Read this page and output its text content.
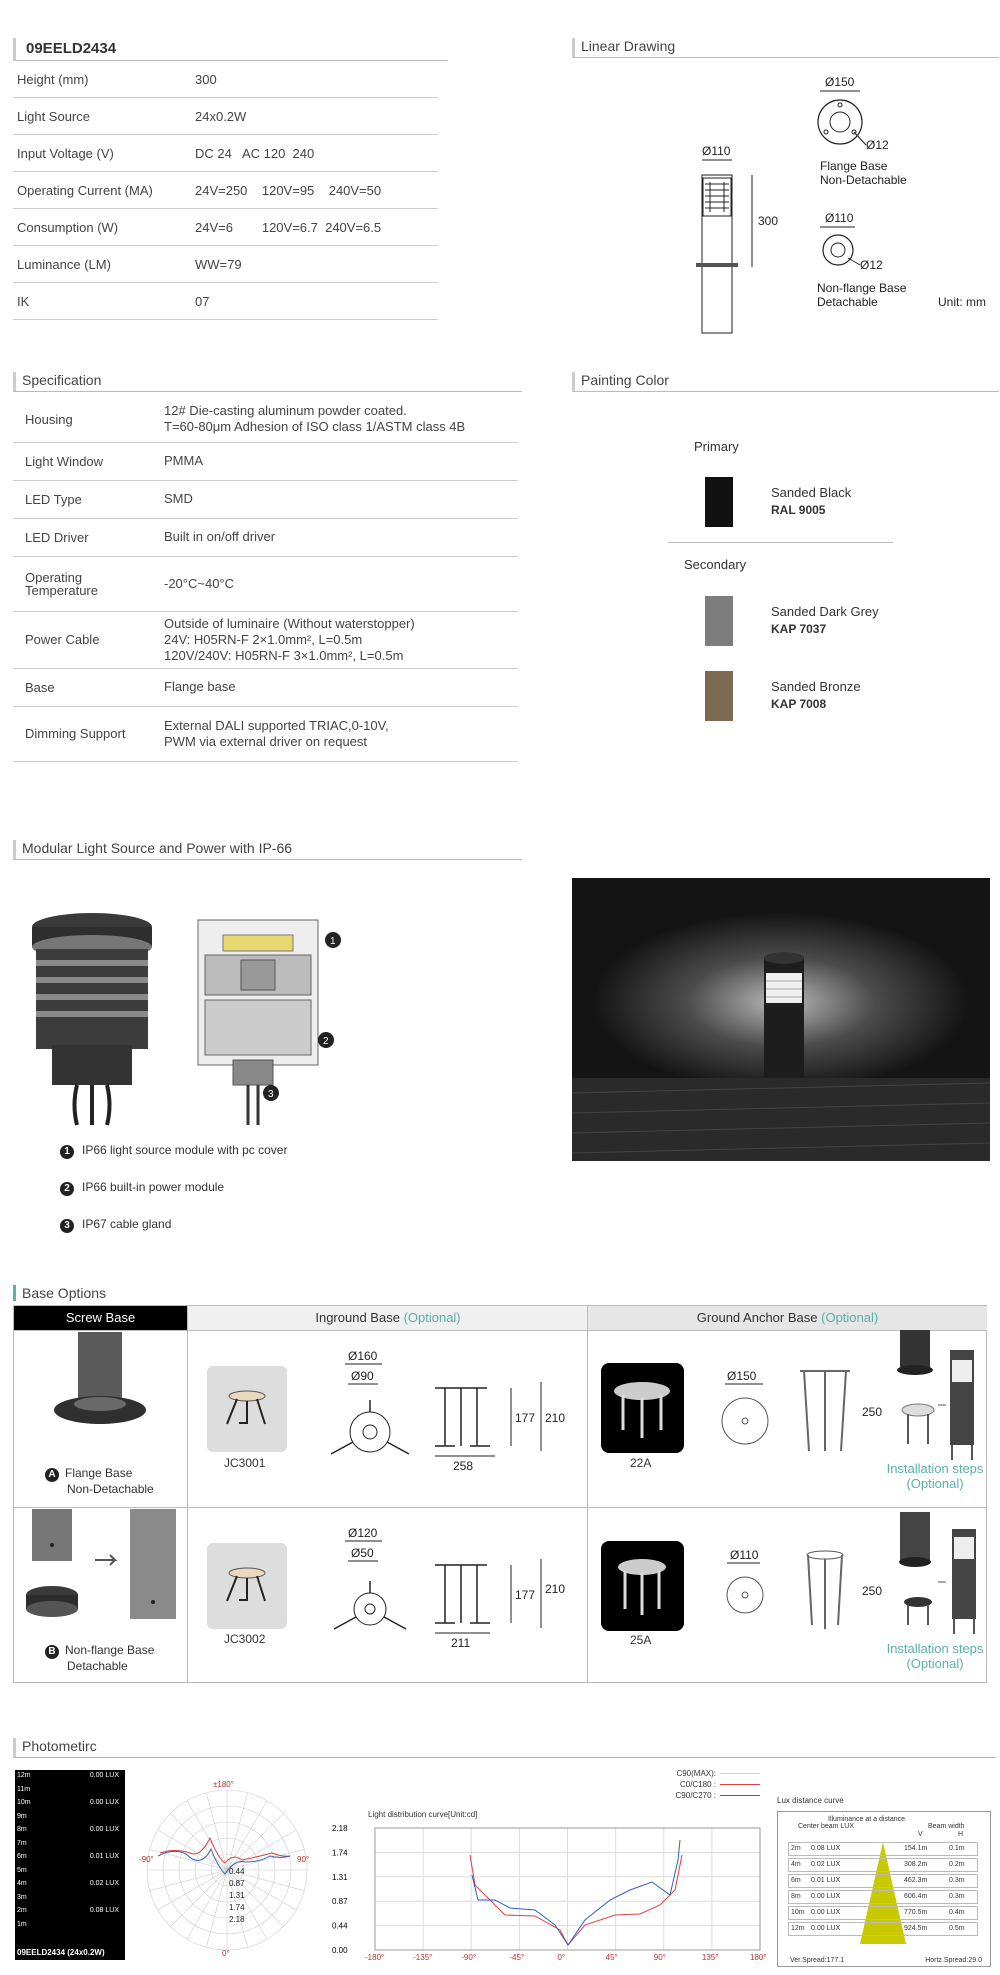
09EELD2434
Height (mm)	300
Light Source	24x0.2W
Input Voltage (V)	DC 24   AC 120  240
Operating Current (MA)	24V=250    120V=95    240V=50
Consumption (W)	24V=6        120V=6.7  240V=6.5
Luminance (LM)	WW=79
IK	07
Linear Drawing
Ø110
300
Ø150
Ø12
Flange Base
Non-Detachable
Ø110
Ø12
Non-flange Base
Detachable	Unit: mm
Specification
Housing	12# Die-casting aluminum powder coated.
T=60-80μm Adhesion of ISO class 1/ASTM class 4B

Light Window	PMMA

LED Type	SMD

LED Driver	Built in on/off driver

Operating
Temperature	-20°C~40°C

Power Cable	Outside of luminaire (Without waterstopper)
24V: H05RN-F 2×1.0mm², L=0.5m
120V/240V: H05RN-F 3×1.0mm², L=0.5m

Base	Flange base

Dimming Support	External DALI supported TRIAC,0-10V,
PWM via external driver on request
Painting Color
Primary
Sanded Black
RAL 9005
Secondary
Sanded Dark Grey
KAP 7037
Sanded Bronze
KAP 7008
Modular Light Source and Power with IP-66
1
2
3
1 IP66 light source module with pc cover
2 IP66 built-in power module
3 IP67 cable gland
Base Options
Screw Base	Inground Base (Optional)	Ground Anchor Base (Optional)
A Flange Base
Non-Detachable
JC3001
Ø160
Ø90
177 210
258	22A
Ø150
250
Installation steps
(Optional)
B Non-flange Base
Detachable
JC3002
Ø120
Ø50
177 210
211	25A
Ø110
250
Installation steps
(Optional)
Photometirc
12m	0.00 LUX
11m
10m	0.00 LUX
9m
8m	0.00 LUX
7m
6m	0.01 LUX
5m
4m	0.02 LUX
3m
2m	0.08 LUX
1m
09EELD2434 (24x0.2W)
±180°
-90°	90°
0°
0.44
0.87
1.31
1.74
2.18
C90(MAX):
C0/C180 :
C90/C270 :
Light distribution curve[Unit:cd]
2.18
1.74
1.31
0.87
0.44
0.00
-180°	-135°	-90°	-45°	0°	45°	90°	135°	180°
Lux distance curve
Illuminance at a distance
Center beam LUX	Beam width
V	H
2m 0.08 LUX	154.1m	0.1m
4m 0.02 LUX	308.2m	0.2m
6m 0.01 LUX	462.3m	0.3m
8m 0.00 LUX	606.4m	0.3m
10m 0.00 LUX	770.5m	0.4m
12m 0.00 LUX	924.5m	0.5m
Ver.Spread:177.1	Hortz.Spread:29.0
